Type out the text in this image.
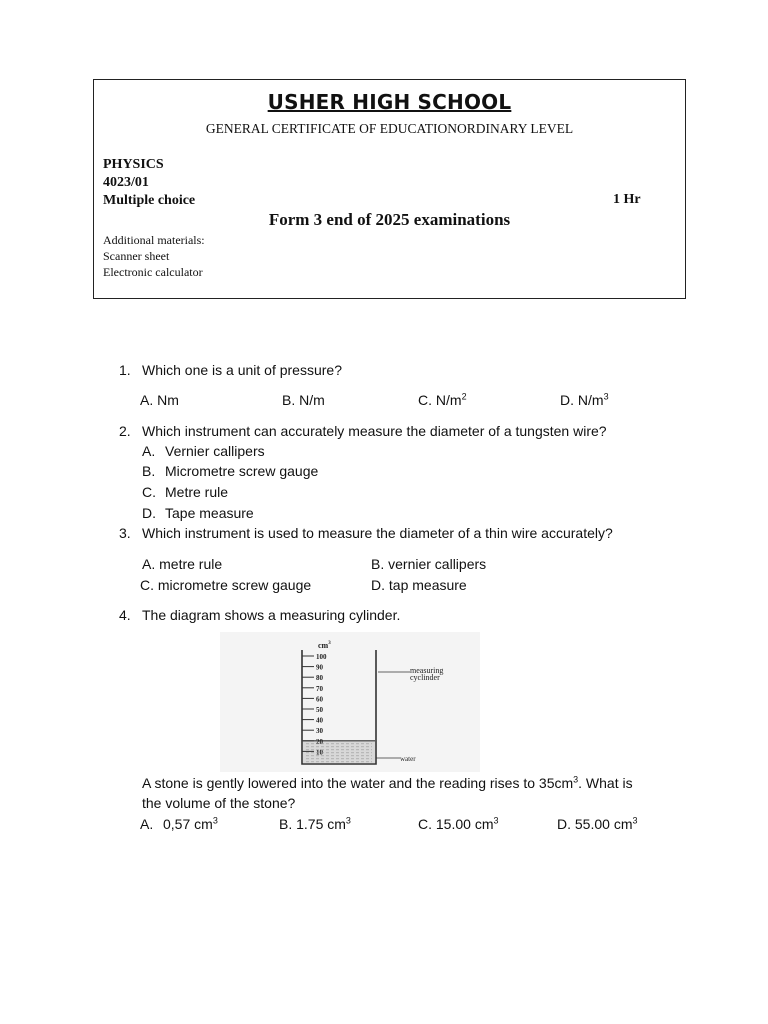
USHER HIGH SCHOOL
GENERAL CERTIFICATE OF EDUCATIONORDINARY LEVEL
PHYSICS
4023/01
Multiple choice	1 Hr
Form 3 end of 2025 examinations
Additional materials:
Scanner sheet
Electronic calculator
1. Which one is a unit of pressure?
A. Nm	B. N/m	C. $N/m^2$	D. $N/m^3$
2. Which instrument can accurately measure the diameter of a tungsten wire?
A. Vernier callipers
B. Micrometre screw gauge
C. Metre rule
D. Tape measure
3. Which instrument is used to measure the diameter of a thin wire accurately?
A. metre rule	B. vernier callipers
C. micrometre screw gauge	D. tap measure
4. The diagram shows a measuring cylinder.
100
90
80
70
60
50
40
30
20
10
$cm^3$
measuring
cyclinder
water
A stone is gently lowered into the water and the reading rises to $35cm^3$. What is
the volume of the stone?
A. 0,57 $cm^3$	B. 1.75 $cm^3$	C. 15.00 $cm^3$	D. 55.00 $cm^3$
